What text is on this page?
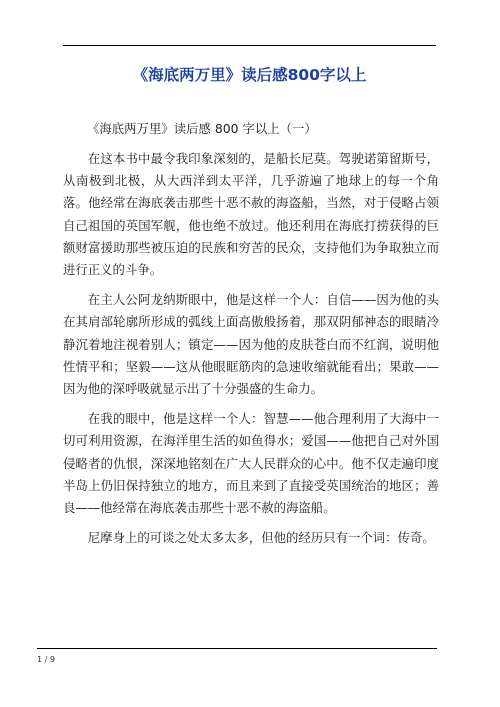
《海底两万里》读后感800字以上

《海底两万里》读后感 800 字以上（一）

在这本书中最令我印象深刻的，是船长尼莫。驾驶诺第留斯号，从南极到北极，从大西洋到太平洋，几乎游遍了地球上的每一个角落。他经常在海底袭击那些十恶不赦的海盗船，当然，对于侵略占领自己祖国的英国军舰，他也绝不放过。他还利用在海底打捞获得的巨额财富援助那些被压迫的民族和穷苦的民众，支持他们为争取独立而进行正义的斗争。

在主人公阿龙纳斯眼中，他是这样一个人：自信——因为他的头在其肩部轮廓所形成的弧线上面高傲般扬着，那双阴郁神态的眼睛冷静沉着地注视着别人；镇定——因为他的皮肤苍白而不红润，说明他性情平和；坚毅——这从他眼眶筋肉的急速收缩就能看出；果敢——因为他的深呼吸就显示出了十分强盛的生命力。

在我的眼中，他是这样一个人：智慧——他合理利用了大海中一切可利用资源，在海洋里生活的如鱼得水；爱国——他把自己对外国侵略者的仇恨，深深地铭刻在广大人民群众的心中。他不仅走遍印度半岛上仍旧保持独立的地方，而且来到了直接受英国统治的地区；善良——他经常在海底袭击那些十恶不赦的海盗船。

尼摩身上的可谈之处太多太多，但他的经历只有一个词：传奇。

1 / 9
